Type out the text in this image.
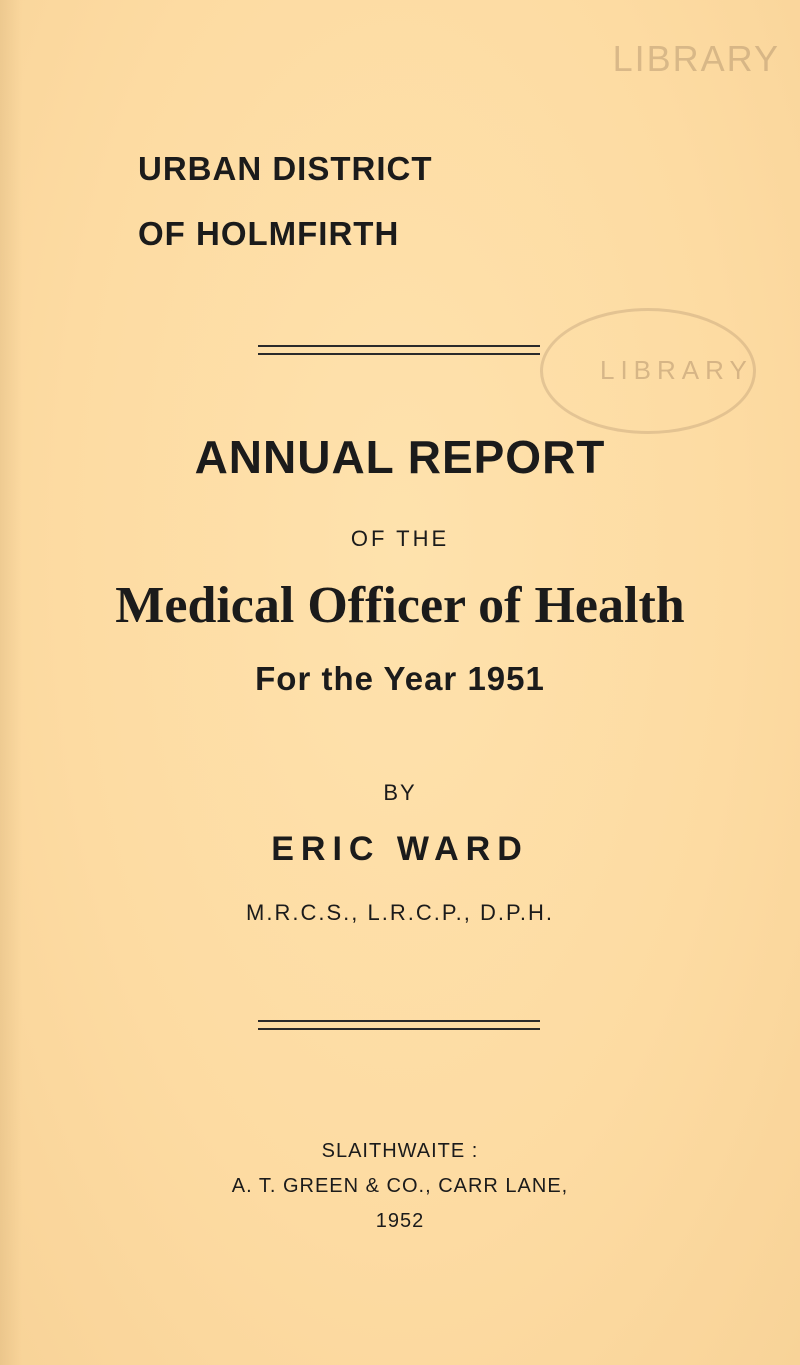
LIBRARY

URBAN DISTRICT

OF HOLMFIRTH

LIBRARY

ANNUAL REPORT

OF THE

Medical Officer of Health

For the Year 1951

BY

ERIC WARD

M.R.C.S., L.R.C.P., D.P.H.

SLAITHWAITE :

A. T. GREEN & CO., CARR LANE,

1952
